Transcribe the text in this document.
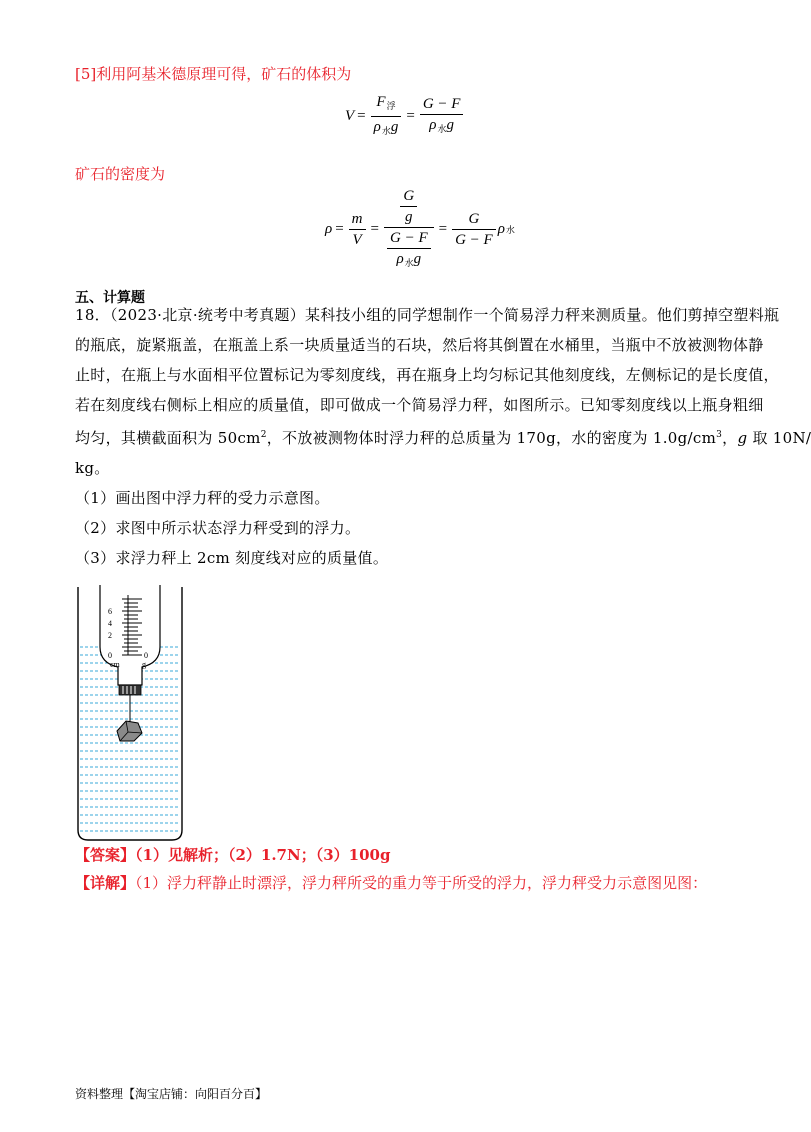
[5]利用阿基米德原理可得，矿石的体积为
$V = \frac{F_浮}{\rho_水g} = \frac{G - F}{\rho_水g}$
矿石的密度为
$\rho = \frac{m}{V} = \frac{\frac{G}{g}}{\frac{G - F}{\rho_水g}} = \frac{G}{G - F}$ ρ 水
五、计算题
18．（2023·北京·统考中考真题）某科技小组的同学想制作一个简易浮力秤来测质量。他们剪掉空塑料瓶
的瓶底，旋紧瓶盖，在瓶盖上系一块质量适当的石块，然后将其倒置在水桶里，当瓶中不放被测物体静
止时，在瓶上与水面相平位置标记为零刻度线，再在瓶身上均匀标记其他刻度线，左侧标记的是长度值，
若在刻度线右侧标上相应的质量值，即可做成一个简易浮力秤，如图所示。已知零刻度线以上瓶身粗细
均匀，其横截面积为 $50cm^2$，不放被测物体时浮力秤的总质量为 170g，水的密度为 $1.0g/cm^3$，g 取 10N/
kg。
（1）画出图中浮力秤的受力示意图。
（2）求图中所示状态浮力秤受到的浮力。
（3）求浮力秤上 2cm 刻度线对应的质量值。
6
4
2
0	0
cm	g
【答案】（1）见解析；（2）1.7N；（3）100g
【详解】（1）浮力秤静止时漂浮，浮力秤所受的重力等于所受的浮力，浮力秤受力示意图见图：
资料整理【淘宝店铺：向阳百分百】
